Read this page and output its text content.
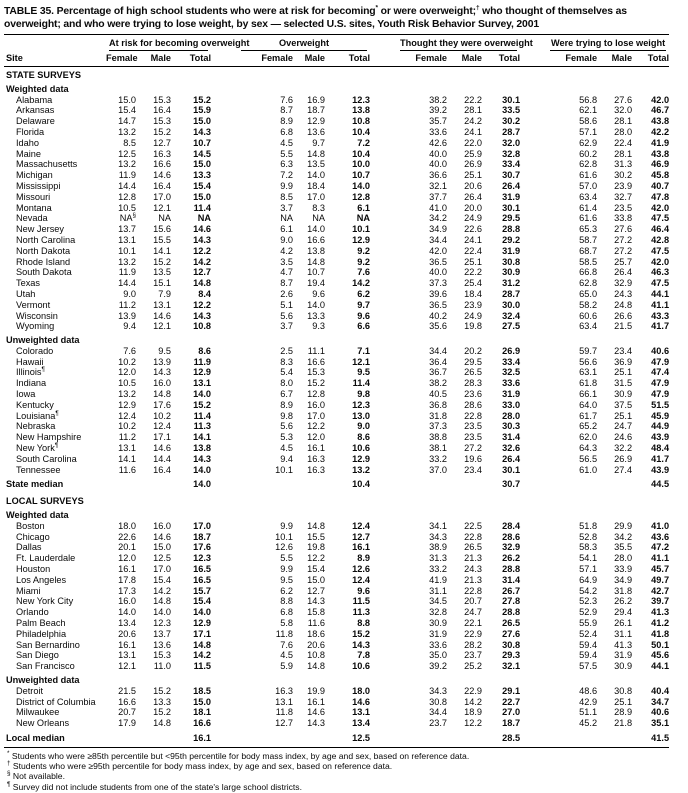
TABLE 35. Percentage of high school students who were at risk for becoming* or were overweight;† who thought of themselves as overweight; and who were trying to lose weight, by sex — selected U.S. sites, Youth Risk Behavior Survey, 2001

	At risk for becoming overweight			Overweight			Thought they were overweight			Were trying to lose weight		

Site	Female	Male	Total	Female	Male	Total	Female	Male	Total	Female	Male	Total
STATE SURVEYS												
Weighted data												
Alabama	15.0	15.3	15.2	7.6	16.9	12.3	38.2	22.2	30.1	56.8	27.6	42.0
Arkansas	15.4	16.4	15.9	8.7	18.7	13.8	39.2	28.1	33.5	62.1	32.0	46.7
Delaware	14.7	15.3	15.0	8.9	12.9	10.8	35.7	24.2	30.2	58.6	28.1	43.8
Florida	13.2	15.2	14.3	6.8	13.6	10.4	33.6	24.1	28.7	57.1	28.0	42.2
Idaho	8.5	12.7	10.7	4.5	9.7	7.2	42.6	22.0	32.0	62.9	22.4	41.9
Maine	12.5	16.3	14.5	5.5	14.8	10.4	40.0	25.9	32.8	60.2	28.1	43.8
Massachusetts	13.2	16.6	15.0	6.3	13.5	10.0	40.0	26.9	33.4	62.8	31.3	46.9
Michigan	11.9	14.6	13.3	7.2	14.0	10.7	36.6	25.1	30.7	61.6	30.2	45.8
Mississippi	14.4	16.4	15.4	9.9	18.4	14.0	32.1	20.6	26.4	57.0	23.9	40.7
Missouri	12.8	17.0	15.0	8.5	17.0	12.8	37.7	26.4	31.9	63.4	32.7	47.8
Montana	10.5	12.1	11.4	3.7	8.3	6.1	41.0	20.0	30.1	61.4	23.5	42.0
Nevada	NA§	NA	NA	NA	NA	NA	34.2	24.9	29.5	61.6	33.8	47.5
New Jersey	13.7	15.6	14.6	6.1	14.0	10.1	34.9	22.6	28.8	65.3	27.6	46.4
North Carolina	13.1	15.5	14.3	9.0	16.6	12.9	34.4	24.1	29.2	58.7	27.2	42.8
North Dakota	10.1	14.1	12.2	4.2	13.8	9.2	42.0	22.4	31.9	68.7	27.2	47.5
Rhode Island	13.2	15.2	14.2	3.5	14.8	9.2	36.5	25.1	30.8	58.5	25.7	42.0
South Dakota	11.9	13.5	12.7	4.7	10.7	7.6	40.0	22.2	30.9	66.8	26.4	46.3
Texas	14.4	15.1	14.8	8.7	19.4	14.2	37.3	25.4	31.2	62.8	32.9	47.5
Utah	9.0	7.9	8.4	2.6	9.6	6.2	39.6	18.4	28.7	65.0	24.3	44.1
Vermont	11.2	13.1	12.2	5.1	14.0	9.7	36.5	23.9	30.0	58.2	24.8	41.1
Wisconsin	13.9	14.6	14.3	5.6	13.3	9.6	40.2	24.9	32.4	60.6	26.6	43.3
Wyoming	9.4	12.1	10.8	3.7	9.3	6.6	35.6	19.8	27.5	63.4	21.5	41.7
Unweighted data												
Colorado	7.6	9.5	8.6	2.5	11.1	7.1	34.4	20.2	26.9	59.7	23.4	40.6
Hawaii	10.2	13.9	11.9	8.3	16.6	12.1	36.4	29.5	33.4	56.6	36.9	47.9
Illinois¶	12.0	14.3	12.9	5.4	15.3	9.5	36.7	26.5	32.5	63.1	25.1	47.4
Indiana	10.5	16.0	13.1	8.0	15.2	11.4	38.2	28.3	33.6	61.8	31.5	47.9
Iowa	13.2	14.8	14.0	6.7	12.8	9.8	40.5	23.6	31.9	66.1	30.9	47.9
Kentucky	12.9	17.6	15.2	8.9	16.0	12.3	36.8	28.6	33.0	64.0	37.5	51.5
Louisiana¶	12.4	10.2	11.4	9.8	17.0	13.0	31.8	22.8	28.0	61.7	25.1	45.9
Nebraska	10.2	12.4	11.3	5.6	12.2	9.0	37.3	23.5	30.3	65.2	24.7	44.9
New Hampshire	11.2	17.1	14.1	5.3	12.0	8.6	38.8	23.5	31.4	62.0	24.6	43.9
New York¶	13.1	14.6	13.8	4.5	16.1	10.6	38.1	27.2	32.6	64.3	32.2	48.4
South Carolina	14.1	14.4	14.3	9.4	16.3	12.9	33.2	19.6	26.4	56.5	26.9	41.7
Tennessee	11.6	16.4	14.0	10.1	16.3	13.2	37.0	23.4	30.1	61.0	27.4	43.9
State median			14.0			10.4			30.7			44.5
LOCAL SURVEYS												
Weighted data												
Boston	18.0	16.0	17.0	9.9	14.8	12.4	34.1	22.5	28.4	51.8	29.9	41.0
Chicago	22.6	14.6	18.7	10.1	15.5	12.7	34.3	22.8	28.6	52.8	34.2	43.6
Dallas	20.1	15.0	17.6	12.6	19.8	16.1	38.9	26.5	32.9	58.3	35.5	47.2
Ft. Lauderdale	12.0	12.5	12.3	5.5	12.2	8.9	31.3	21.3	26.2	54.1	28.0	41.1
Houston	16.1	17.0	16.5	9.9	15.4	12.6	33.2	24.3	28.8	57.1	33.9	45.7
Los Angeles	17.8	15.4	16.5	9.5	15.0	12.4	41.9	21.3	31.4	64.9	34.9	49.7
Miami	17.3	14.2	15.7	6.2	12.7	9.6	31.1	22.8	26.7	54.2	31.8	42.7
New York City	16.0	14.8	15.4	8.8	14.3	11.5	34.5	20.7	27.8	52.3	26.2	39.7
Orlando	14.0	14.0	14.0	6.8	15.8	11.3	32.8	24.7	28.8	52.9	29.4	41.3
Palm Beach	13.4	12.3	12.9	5.8	11.6	8.8	30.9	22.1	26.5	55.9	26.1	41.2
Philadelphia	20.6	13.7	17.1	11.8	18.6	15.2	31.9	22.9	27.6	52.4	31.1	41.8
San Bernardino	16.1	13.6	14.8	7.6	20.6	14.3	33.6	28.2	30.8	59.4	41.3	50.1
San Diego	13.1	15.3	14.2	4.5	10.8	7.8	35.0	23.7	29.3	59.4	31.9	45.6
San Francisco	12.1	11.0	11.5	5.9	14.8	10.6	39.2	25.2	32.1	57.5	30.9	44.1
Unweighted data												
Detroit	21.5	15.2	18.5	16.3	19.9	18.0	34.3	22.9	29.1	48.6	30.8	40.4
District of Columbia	16.6	13.3	15.0	13.1	16.1	14.6	30.8	14.2	22.7	42.9	25.1	34.7
Milwaukee	20.7	15.2	18.1	11.8	14.6	13.1	34.4	18.9	27.0	51.1	28.9	40.6
New Orleans	17.9	14.8	16.6	12.7	14.3	13.4	23.7	12.2	18.7	45.2	21.8	35.1
Local median			16.1			12.5			28.5			41.5
* Students who were ≥85th percentile but <95th percentile for body mass index, by age and sex, based on reference data.
† Students who were ≥95th percentile for body mass index, by age and sex, based on reference data.
§ Not available.
¶ Survey did not include students from one of the state's large school districts.
